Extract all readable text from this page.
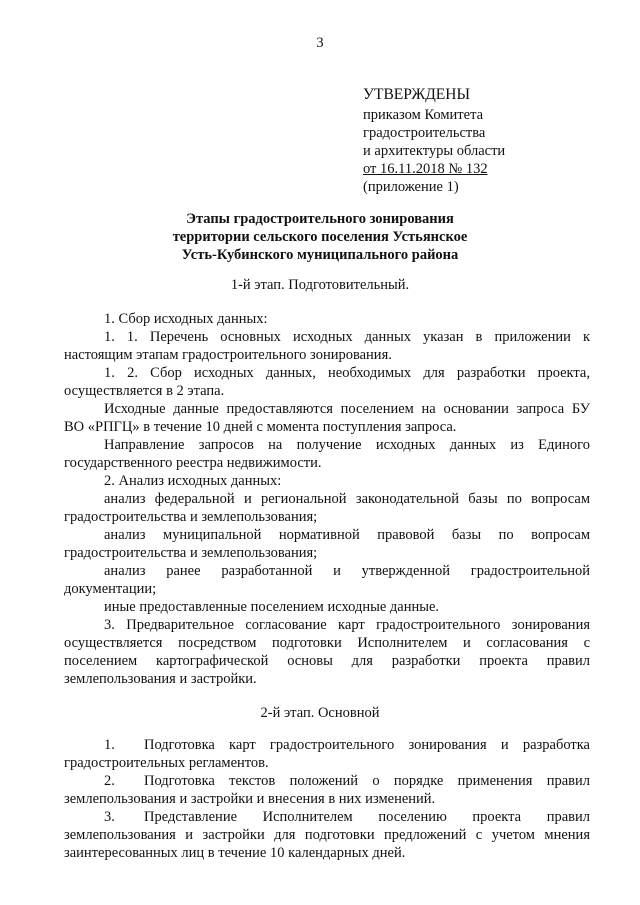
3
УТВЕРЖДЕНЫ
приказом Комитета
градостроительства
и архитектуры области
от 16.11.2018 № 132
(приложение 1)
Этапы градостроительного зонирования
территории сельского поселения Устьянское
Усть-Кубинского муниципального района
1-й этап. Подготовительный.
1. Сбор исходных данных:
1. 1. Перечень основных исходных данных указан в приложении к
настоящим этапам градостроительного зонирования.
1. 2. Сбор исходных данных, необходимых для разработки проекта,
осуществляется в 2 этапа.
Исходные данные предоставляются поселением на основании запроса БУ
ВО «РПГЦ» в течение 10 дней с момента поступления запроса.
Направление запросов на получение исходных данных из Единого
государственного реестра недвижимости.
2. Анализ исходных данных:
анализ федеральной и региональной законодательной базы по вопросам
градостроительства и землепользования;
анализ муниципальной нормативной правовой базы по вопросам
градостроительства и землепользования;
анализ ранее разработанной и утвержденной градостроительной
документации;
иные предоставленные поселением исходные данные.
3. Предварительное согласование карт градостроительного зонирования
осуществляется посредством подготовки Исполнителем и согласования с
поселением картографической основы для разработки проекта правил
землепользования и застройки.
2-й этап. Основной
1. Подготовка карт градостроительного зонирования и разработка
градостроительных регламентов.
2. Подготовка текстов положений о порядке применения правил
землепользования и застройки и внесения в них изменений.
3. Представление Исполнителем поселению проекта правил
землепользования и застройки для подготовки предложений с учетом мнения
заинтересованных лиц в течение 10 календарных дней.
